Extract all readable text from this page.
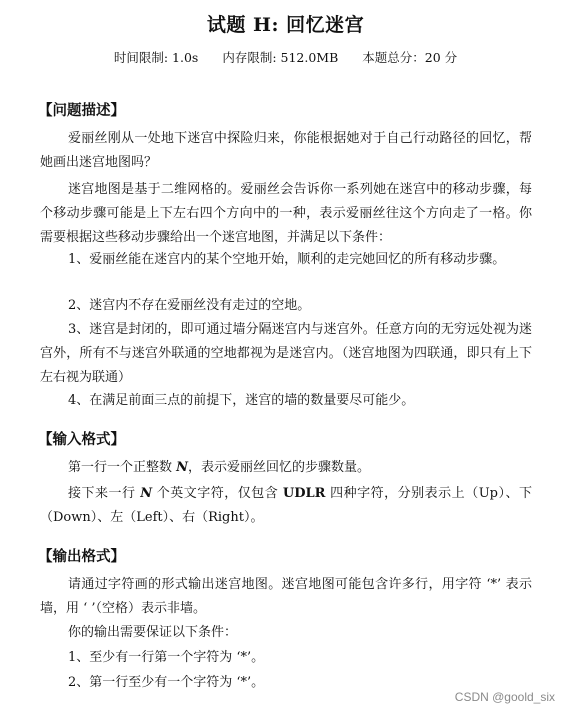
试题 H: 回忆迷宫
时间限制: 1.0s 内存限制: 512.0MB 本题总分：20 分
【问题描述】
爱丽丝刚从一处地下迷宫中探险归来，你能根据她对于自己行动路径的回忆，帮她画出迷宫地图吗？
迷宫地图是基于二维网格的。爱丽丝会告诉你一系列她在迷宫中的移动步骤，每个移动步骤可能是上下左右四个方向中的一种，表示爱丽丝往这个方向走了一格。你需要根据这些移动步骤给出一个迷宫地图，并满足以下条件：
1、爱丽丝能在迷宫内的某个空地开始，顺利的走完她回忆的所有移动步骤。
2、迷宫内不存在爱丽丝没有走过的空地。
3、迷宫是封闭的，即可通过墙分隔迷宫内与迷宫外。任意方向的无穷远处视为迷宫外，所有不与迷宫外联通的空地都视为是迷宫内。（迷宫地图为四联通，即只有上下左右视为联通）
4、在满足前面三点的前提下，迷宫的墙的数量要尽可能少。
【输入格式】
第一行一个正整数 N，表示爱丽丝回忆的步骤数量。
接下来一行 N 个英文字符，仅包含 UDLR 四种字符，分别表示上（Up）、下（Down）、左（Left）、右（Right）。
【输出格式】
请通过字符画的形式输出迷宫地图。迷宫地图可能包含许多行，用字符 ‘*’ 表示墙，用 ‘ ’（空格）表示非墙。
你的输出需要保证以下条件：
1、至少有一行第一个字符为 ‘*’。
2、第一行至少有一个字符为 ‘*’。
CSDN @goold_six
